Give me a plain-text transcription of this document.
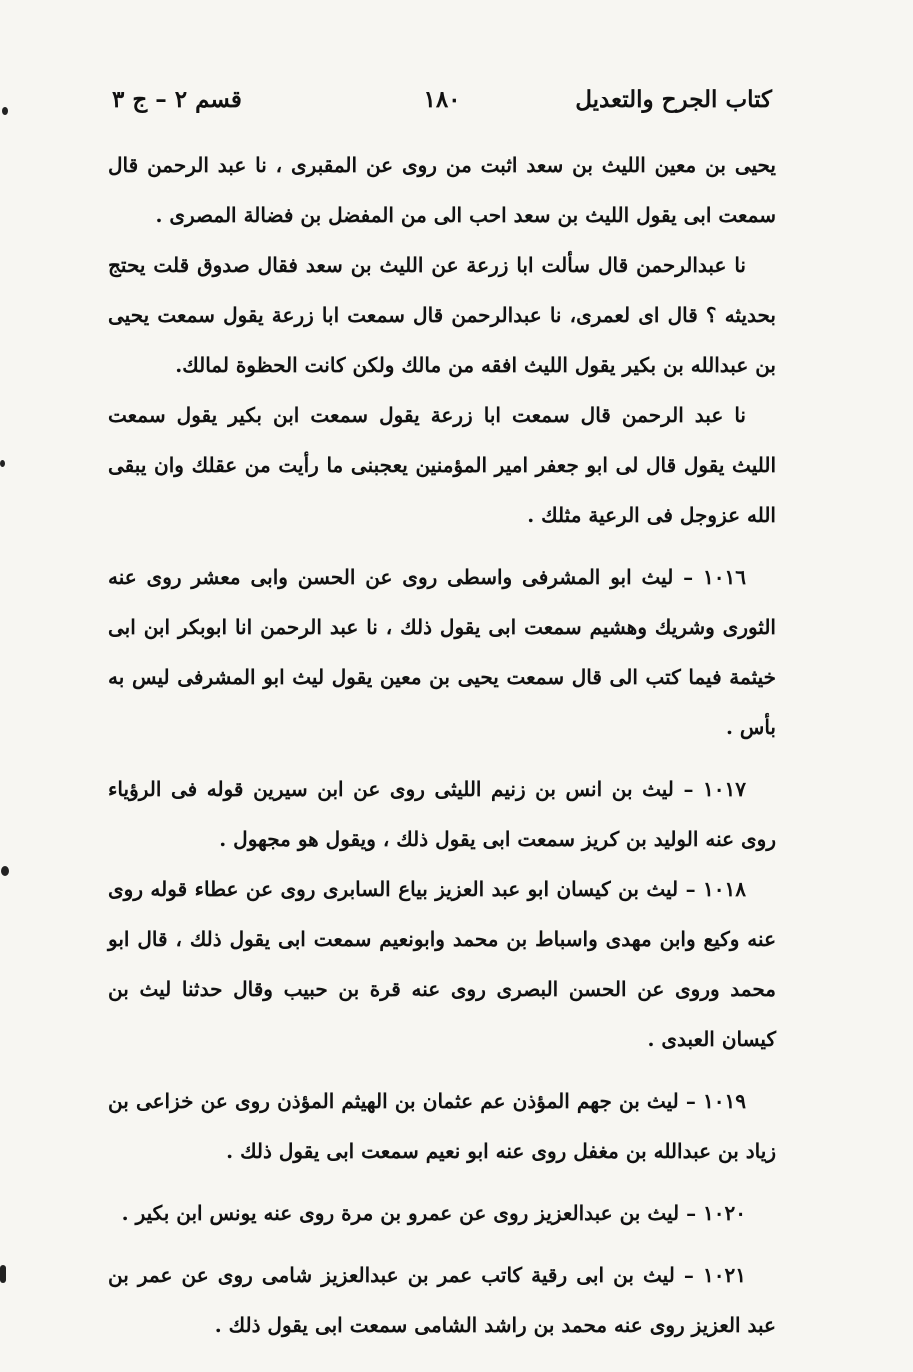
كتاب الجرح والتعديل
١٨٠
قسم ٢ – ج ٣

يحيى بن معين الليث بن سعد اثبت من روى عن المقبرى ، نا عبد الرحمن قال سمعت ابى يقول الليث بن سعد احب الى من المفضل بن فضالة المصرى .

نا عبدالرحمن قال سألت ابا زرعة عن الليث بن سعد فقال صدوق قلت يحتج بحديثه ؟ قال اى لعمرى، نا عبدالرحمن قال سمعت ابا زرعة يقول سمعت يحيى بن عبدالله بن بكير يقول الليث افقه من مالك ولكن كانت الحظوة لمالك.

نا عبد الرحمن قال سمعت ابا زرعة يقول سمعت ابن بكير يقول سمعت الليث يقول قال لى ابو جعفر امير المؤمنين يعجبنى ما رأيت من عقلك وان يبقى الله عزوجل فى الرعية مثلك .

١٠١٦ – ليث ابو المشرفى واسطى روى عن الحسن وابى معشر روى عنه الثورى وشريك وهشيم سمعت ابى يقول ذلك ، نا عبد الرحمن انا ابوبكر ابن ابى خيثمة فيما كتب الى قال سمعت يحيى بن معين يقول ليث ابو المشرفى ليس به بأس .

١٠١٧ – ليث بن انس بن زنيم الليثى روى عن ابن سيرين قوله فى الرؤياء روى عنه الوليد بن كريز سمعت ابى يقول ذلك ، ويقول هو مجهول .

١٠١٨ – ليث بن كيسان ابو عبد العزيز بياع السابرى روى عن عطاء قوله روى عنه وكيع وابن مهدى واسباط بن محمد وابونعيم سمعت ابى يقول ذلك ، قال ابو محمد وروى عن الحسن البصرى روى عنه قرة بن حبيب وقال حدثنا ليث بن كيسان العبدى .

١٠١٩ – ليث بن جهم المؤذن عم عثمان بن الهيثم المؤذن روى عن خزاعى بن زياد بن عبدالله بن مغفل روى عنه ابو نعيم سمعت ابى يقول ذلك .

١٠٢٠ – ليث بن عبدالعزيز روى عن عمرو بن مرة روى عنه يونس ابن بكير .

١٠٢١ – ليث بن ابى رقية كاتب عمر بن عبدالعزيز شامى روى عن عمر بن عبد العزيز روى عنه محمد بن راشد الشامى سمعت ابى يقول ذلك .
